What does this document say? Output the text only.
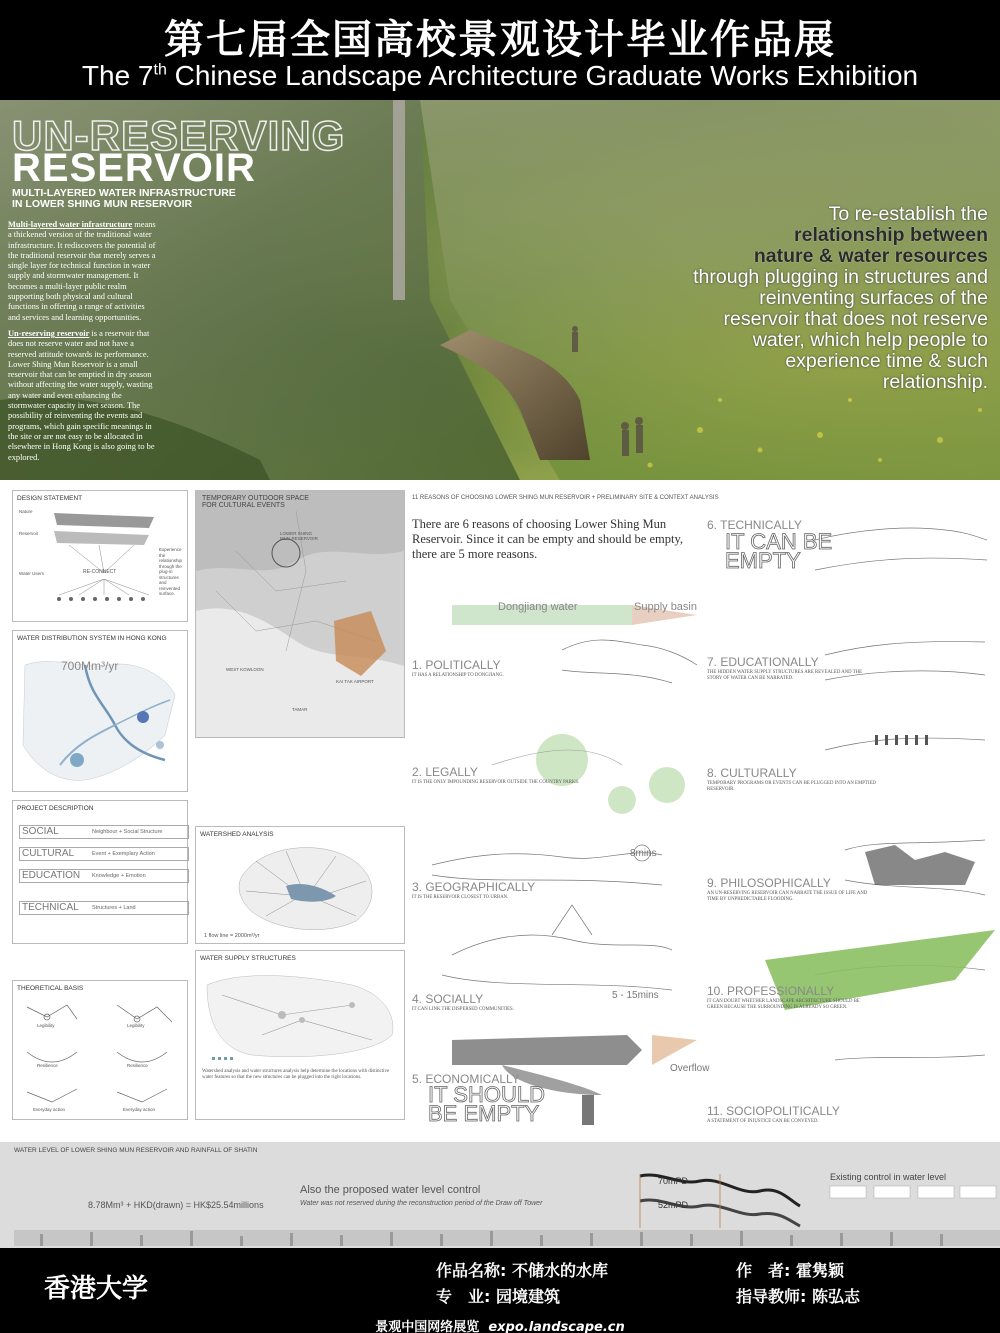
第七届全国高校景观设计毕业作品展
The 7th Chinese Landscape Architecture Graduate Works Exhibition
UN-RESERVING
RESERVOIR
MULTI-LAYERED WATER INFRASTRUCTURE
IN LOWER SHING MUN RESERVOIR

Multi-layered water infrastructure means a thickened version of the traditional water infrastructure. It rediscovers the potential of the traditional reservoir that merely serves a single layer for technical function in water supply and stormwater management. It becomes a multi-layer public realm supporting both physical and cultural functions in offering a range of activities and services and learning opportunities.

Un-reserving reservoir is a reservoir that does not reserve water and not have a reserved attitude towards its performance. Lower Shing Mun Reservoir is a small reservoir that can be emptied in dry season without affecting the water supply, wasting any water and even enhancing the stormwater capacity in wet season. The possibility of reinventing the events and programs, which gain specific meanings in the site or are not easy to be allocated in elsewhere in Hong Kong is also going to be explored.

To re-establish the
relationship between
nature & water resources
through plugging in structures and reinventing surfaces of the reservoir that does not reserve water, which help people to experience time & such relationship.
DESIGN STATEMENT
Nature
Reservoir
Water Users	RE-CONNECT
Experience the relationship through the plug-in structures and reinvented surface.
WATER DISTRIBUTION SYSTEM IN HONG KONG
700Mm³/yr
PROJECT DESCRIPTION
SOCIAL	Neighbour + Social Structure
CULTURAL	Event + Exemplary Action
EDUCATION Knowledge + Emotion
TECHNICAL Structures + Land
THEORETICAL BASIS
Legibility	Legibility
Resilience	Resilience
Everyday action	Everyday action
TEMPORARY OUTDOOR SPACE
FOR CULTURAL EVENTS
LOWER SHING MUN RESERVOIR
WEST KOWLOON
KAI TAK AIRPORT
TAMAR
WATERSHED ANALYSIS
1 flow line = 2000m³/yr
WATER SUPPLY STRUCTURES
Watershed analysis and water structures analysis help determine the locations with distinctive water features so that the new structures can be plugged into the right locations.
11 REASONS OF CHOOSING LOWER SHING MUN RESERVOIR + PRELIMINARY SITE & CONTEXT ANALYSIS
There are 6 reasons of choosing Lower Shing Mun Reservoir. Since it can be empty and should be empty, there are 5 more reasons.
Dongjiang water	Supply basin
8mins
5 - 15mins
Overflow
1. POLITICALLY
IT HAS A RELATIONSHIP TO DONGJIANG.
2. LEGALLY
IT IS THE ONLY IMPOUNDING RESERVOIR OUTSIDE THE COUNTRY PARKS.
3. GEOGRAPHICALLY
IT IS THE RESERVOIR CLOSEST TO URBAN.
4. SOCIALLY
IT CAN LINK THE DISPERSED COMMUNITIES.
5. ECONOMICALLY
IT SHOULD BE EMPTY
6. TECHNICALLY
IT CAN BE EMPTY
7. EDUCATIONALLY
THE HIDDEN WATER SUPPLY STRUCTURES ARE REVEALED AND THE STORY OF WATER CAN BE NARRATED.
8. CULTURALLY
TEMPORARY PROGRAMS OR EVENTS CAN BE PLUGGED INTO AN EMPTIED RESERVOIR.
9. PHILOSOPHICALLY
AN UN-RESERVING RESERVOIR CAN NARRATE THE ISSUE OF LIFE AND TIME BY UNPREDICTABLE FLOODING.
10. PROFESSIONALLY
IT CAN DOUBT WHETHER LANDSCAPE ARCHITECTURE SHOULD BE GREEN BECAUSE THE SURROUNDING IS ALREADY SO GREEN.
11. SOCIOPOLITICALLY
A STATEMENT OF INJUSTICE CAN BE CONVEYED.
WATER LEVEL OF LOWER SHING MUN RESERVOIR AND RAINFALL OF SHATIN
8.78Mm³ + HKD(drawn) = HK$25.54millions
Also the proposed water level control
Water was not reserved during the reconstruction period of the Draw off Tower
70mPD
52mPD
Existing control in water level
香港大学
作品名称: 不储水的水库
专　业: 园境建筑
作　者: 霍隽颖
指导教师: 陈弘志
景观中国网络展览 expo.landscape.cn
